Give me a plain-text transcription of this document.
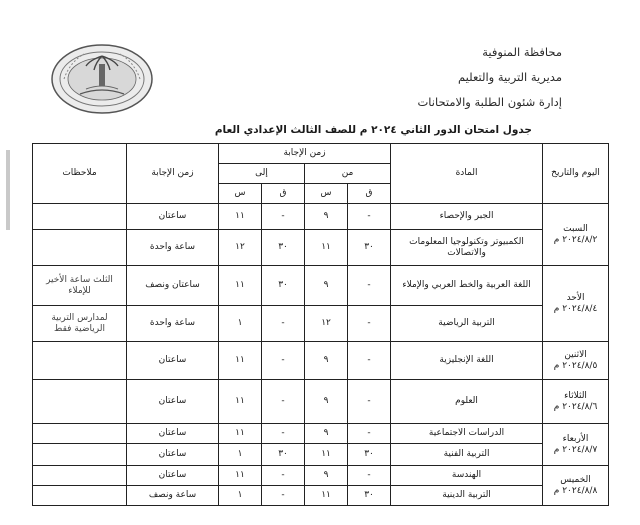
محافظة المنوفية
مديرية التربية والتعليم
إدارة شئون الطلبة والامتحانات
جدول امتحان الدور الثاني ٢٠٢٤ م للصف الثالث الإعدادي العام
اليوم والتاريخ	المادة	زمن الإجابة				زمن الإجابة	ملاحظات
		من		إلى			
		ق	س	ق	س		

السبت
٢٠٢٤/٨/٢ م	الجبر والإحصاء	-	٩	-	١١	ساعتان	
	الكمبيوتر وتكنولوجيا المعلومات والاتصالات	٣٠	١١	٣٠	١٢	ساعة واحدة	

الأحد
٢٠٢٤/٨/٤ م	اللغة العربية والخط العربي والإملاء	-	٩	٣٠	١١	ساعتان ونصف	الثلث ساعة الأخير للإملاء
	التربية الرياضية	-	١٢	-	١	ساعة واحدة	لمدارس التربية الرياضية فقط

الاثنين
٢٠٢٤/٨/٥ م	اللغة الإنجليزية	-	٩	-	١١	ساعتان	

الثلاثاء
٢٠٢٤/٨/٦ م	العلوم	-	٩	-	١١	ساعتان	

الأربعاء
٢٠٢٤/٨/٧ م	الدراسات الاجتماعية	-	٩	-	١١	ساعتان	
	التربية الفنية	٣٠	١١	٣٠	١	ساعتان	

الخميس
٢٠٢٤/٨/٨ م	الهندسة	-	٩	-	١١	ساعتان	
	التربية الدينية	٣٠	١١	-	١	ساعة ونصف	
